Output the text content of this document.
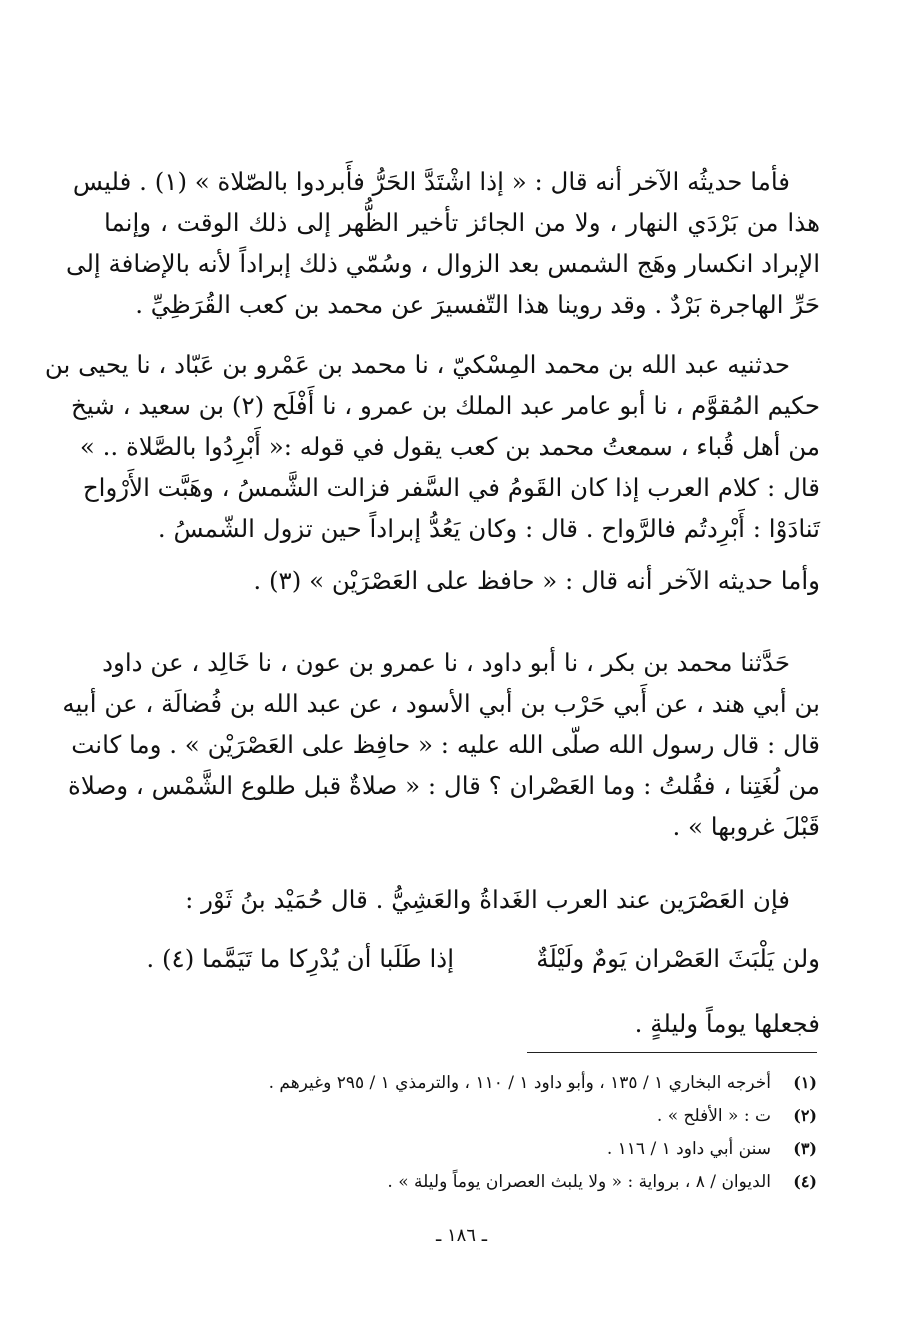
فأما حديثُه الآخر أنه قال : « إذا اشْتَدَّ الحَرُّ فأَبردوا بالصّلاة » (١) . فليس
هذا من بَرْدَي النهار ، ولا من الجائز تأخير الظُّهر إلى ذلك الوقت ، وإنما
الإبراد انكسار وهَج الشمس بعد الزوال ، وسُمّي ذلك إبراداً لأنه بالإضافة إلى
حَرِّ الهاجرة بَرْدٌ . وقد روينا هذا التّفسيرَ عن محمد بن كعب القُرَظِيِّ .
حدثنيه عبد الله بن محمد المِسْكيّ ، نا محمد بن عَمْرو بن عَبّاد ، نا يحيى بن
حكيم المُقوَّم ، نا أبو عامر عبد الملك بن عمرو ، نا أَفْلَح (٢) بن سعيد ، شيخ
من أهل قُباء ، سمعتُ محمد بن كعب يقول في قوله :« أَبْرِدُوا بالصَّلاة .. »
قال : كلام العرب إذا كان القَومُ في السَّفر فزالت الشَّمسُ ، وهَبَّت الأَرْواح
تَنادَوْا : أَبْرِدتُم فالرَّواح . قال : وكان يَعُدُّ إبراداً حين تزول الشّمسُ .
وأما حديثه الآخر أنه قال : « حافظ على العَصْرَيْن » (٣) .
حَدَّثنا محمد بن بكر ، نا أبو داود ، نا عمرو بن عون ، نا خَالِد ، عن داود
بن أبي هند ، عن أَبي حَرْب بن أبي الأسود ، عن عبد الله بن فُضالَة ، عن أبيه
قال : قال رسول الله صلّى الله عليه : « حافِظ على العَصْرَيْن » . وما كانت
من لُغَتِنا ، فقُلتُ : وما العَصْران ؟ قال : « صلاةٌ قبل طلوع الشَّمْس ، وصلاة
قَبْلَ غروبها » .
فإن العَصْرَين عند العرب الغَداةُ والعَشِيُّ . قال حُمَيْد بنُ ثَوْر :
ولن يَلْبَثَ العَصْران يَومٌ ولَيْلَةٌ
إذا طَلَبا أن يُدْرِكا ما تَيَمَّما (٤) .
فجعلها يوماً وليلةٍ .
(١)
أخرجه البخاري ١ / ١٣٥ ، وأبو داود ١ / ١١٠ ، والترمذي ١ / ٢٩٥ وغيرهم .
(٢)
ت : « الأفلح » .
(٣)
سنن أبي داود ١ / ١١٦ .
(٤)
الديوان / ٨ ، برواية : « ولا يلبث العصران يوماً وليلة » .
ـ ١٨٦ ـ
